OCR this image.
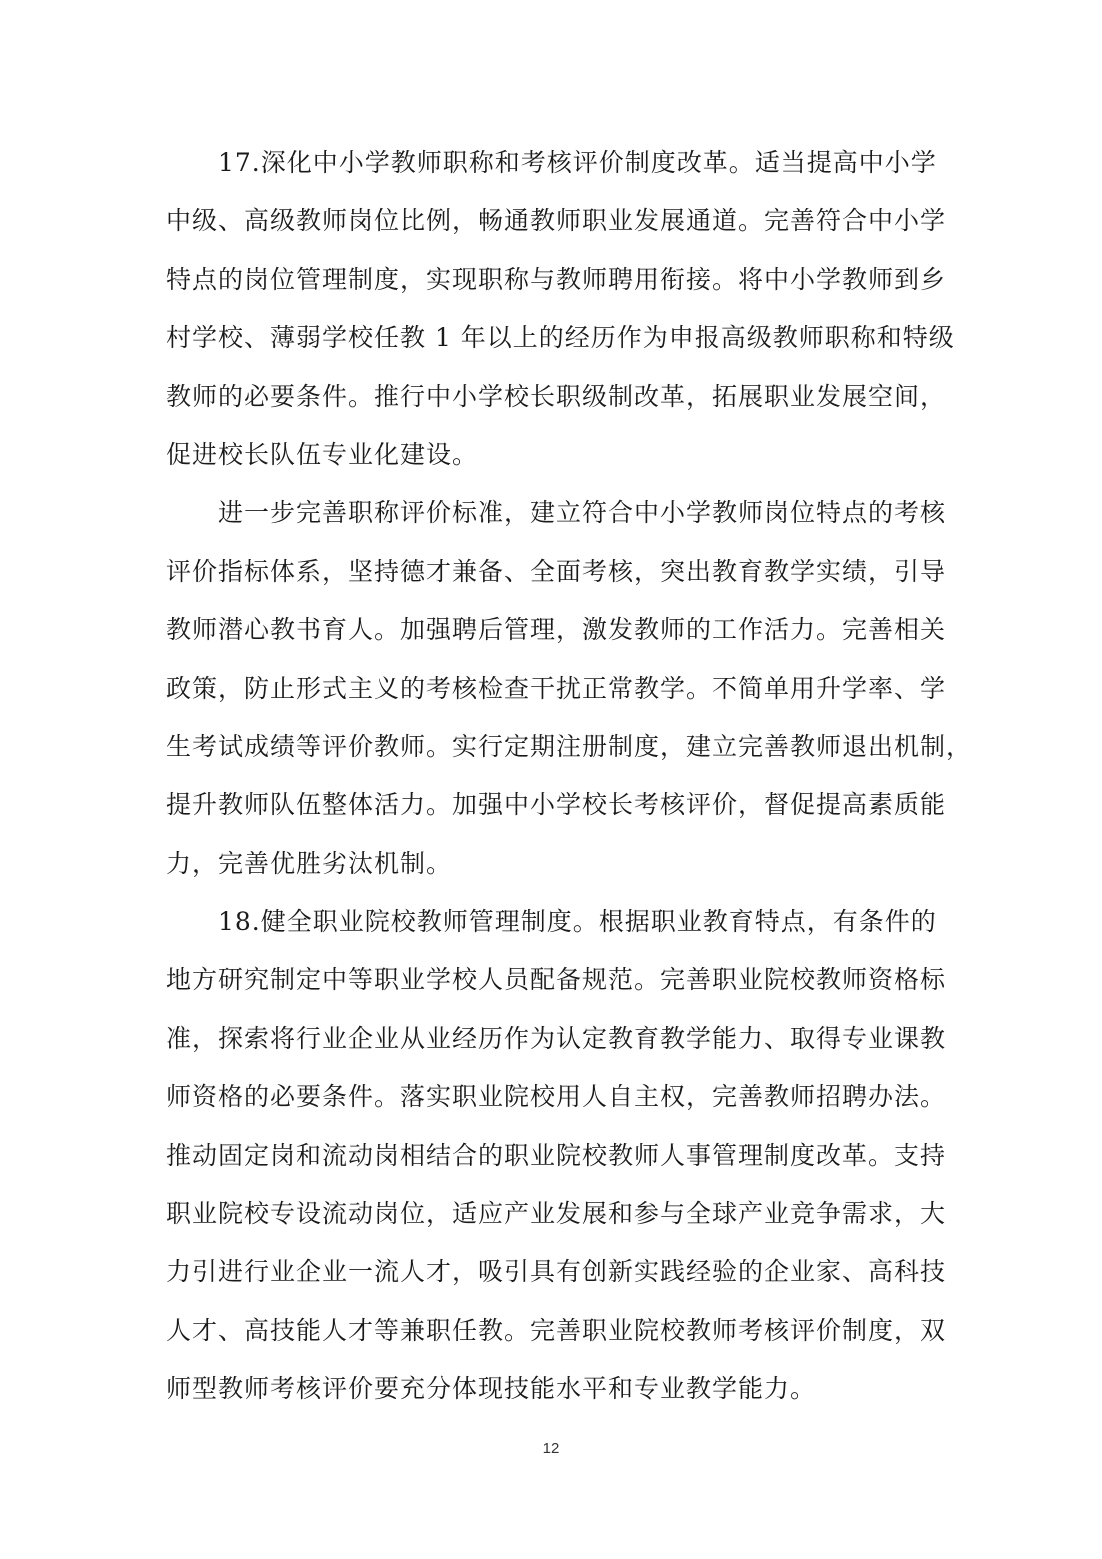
17.深化中小学教师职称和考核评价制度改革。适当提高中小学
中级、高级教师岗位比例，畅通教师职业发展通道。完善符合中小学
特点的岗位管理制度，实现职称与教师聘用衔接。将中小学教师到乡
村学校、薄弱学校任教 1 年以上的经历作为申报高级教师职称和特级
教师的必要条件。推行中小学校长职级制改革，拓展职业发展空间，
促进校长队伍专业化建设。
进一步完善职称评价标准，建立符合中小学教师岗位特点的考核
评价指标体系，坚持德才兼备、全面考核，突出教育教学实绩，引导
教师潜心教书育人。加强聘后管理，激发教师的工作活力。完善相关
政策，防止形式主义的考核检查干扰正常教学。不简单用升学率、学
生考试成绩等评价教师。实行定期注册制度，建立完善教师退出机制，
提升教师队伍整体活力。加强中小学校长考核评价，督促提高素质能
力，完善优胜劣汰机制。
18.健全职业院校教师管理制度。根据职业教育特点，有条件的
地方研究制定中等职业学校人员配备规范。完善职业院校教师资格标
准，探索将行业企业从业经历作为认定教育教学能力、取得专业课教
师资格的必要条件。落实职业院校用人自主权，完善教师招聘办法。
推动固定岗和流动岗相结合的职业院校教师人事管理制度改革。支持
职业院校专设流动岗位，适应产业发展和参与全球产业竞争需求，大
力引进行业企业一流人才，吸引具有创新实践经验的企业家、高科技
人才、高技能人才等兼职任教。完善职业院校教师考核评价制度，双
师型教师考核评价要充分体现技能水平和专业教学能力。
12
